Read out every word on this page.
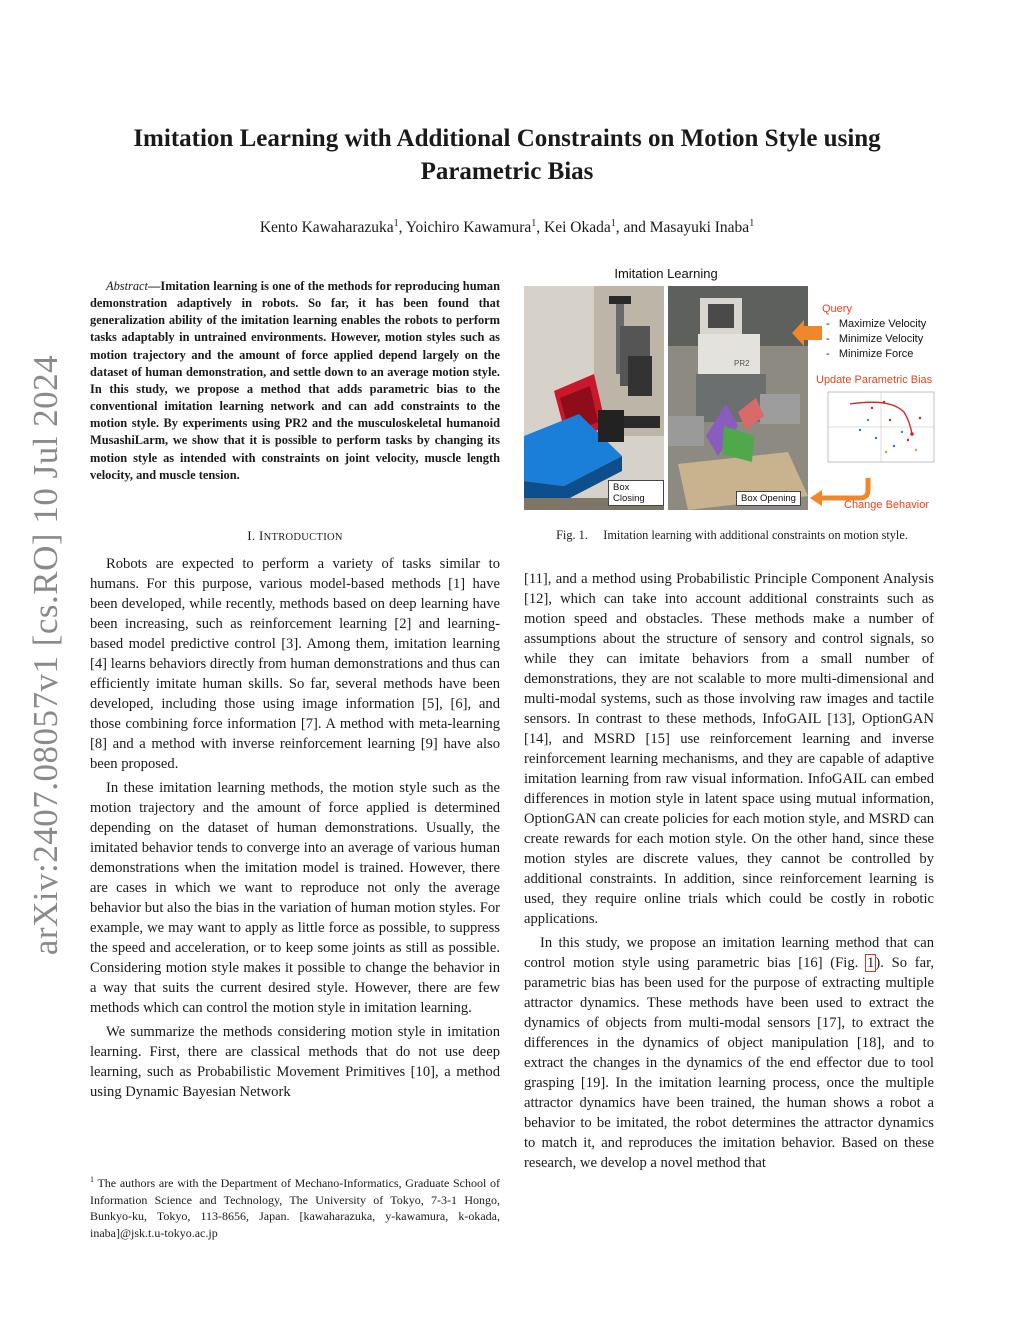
arXiv:2407.08057v1 [cs.RO] 10 Jul 2024
Imitation Learning with Additional Constraints on Motion Style using Parametric Bias
Kento Kawaharazuka$^1$, Yoichiro Kawamura$^1$, Kei Okada$^1$, and Masayuki Inaba$^1$
Abstract—Imitation learning is one of the methods for reproducing human demonstration adaptively in robots. So far, it has been found that generalization ability of the imitation learning enables the robots to perform tasks adaptably in untrained environments. However, motion styles such as motion trajectory and the amount of force applied depend largely on the dataset of human demonstration, and settle down to an average motion style. In this study, we propose a method that adds parametric bias to the conventional imitation learning network and can add constraints to the motion style. By experiments using PR2 and the musculoskeletal humanoid MusashiLarm, we show that it is possible to perform tasks by changing its motion style as intended with constraints on joint velocity, muscle length velocity, and muscle tension.
I. INTRODUCTION

Robots are expected to perform a variety of tasks similar to humans. For this purpose, various model-based methods [1] have been developed, while recently, methods based on deep learning have been increasing, such as reinforcement learning [2] and learning-based model predictive control [3]. Among them, imitation learning [4] learns behaviors directly from human demonstrations and thus can efficiently imitate human skills. So far, several methods have been developed, including those using image information [5], [6], and those combining force information [7]. A method with meta-learning [8] and a method with inverse reinforcement learning [9] have also been proposed.

In these imitation learning methods, the motion style such as the motion trajectory and the amount of force applied is determined depending on the dataset of human demonstrations. Usually, the imitated behavior tends to converge into an average of various human demonstrations when the imitation model is trained. However, there are cases in which we want to reproduce not only the average behavior but also the bias in the variation of human motion styles. For example, we may want to apply as little force as possible, to suppress the speed and acceleration, or to keep some joints as still as possible. Considering motion style makes it possible to change the behavior in a way that suits the current desired style. However, there are few methods which can control the motion style in imitation learning.

We summarize the methods considering motion style in imitation learning. First, there are classical methods that do not use deep learning, such as Probabilistic Movement Primitives [10], a method using Dynamic Bayesian Network

$^1$ The authors are with the Department of Mechano-Informatics, Graduate School of Information Science and Technology, The University of Tokyo, 7-3-1 Hongo, Bunkyo-ku, Tokyo, 113-8656, Japan. [kawaharazuka, y-kawamura, k-okada, inaba]@jsk.t.u-tokyo.ac.jp
Imitation Learning
Box Closing
PR2
Box Opening
Query
-   Maximize Velocity
-   Minimize Velocity
-   Minimize Force
Update Parametric Bias
Change Behavior
Fig. 1.  Imitation learning with additional constraints on motion style.

[11], and a method using Probabilistic Principle Component Analysis [12], which can take into account additional constraints such as motion speed and obstacles. These methods make a number of assumptions about the structure of sensory and control signals, so while they can imitate behaviors from a small number of demonstrations, they are not scalable to more multi-dimensional and multi-modal systems, such as those involving raw images and tactile sensors. In contrast to these methods, InfoGAIL [13], OptionGAN [14], and MSRD [15] use reinforcement learning and inverse reinforcement learning mechanisms, and they are capable of adaptive imitation learning from raw visual information. InfoGAIL can embed differences in motion style in latent space using mutual information, OptionGAN can create policies for each motion style, and MSRD can create rewards for each motion style. On the other hand, since these motion styles are discrete values, they cannot be controlled by additional constraints. In addition, since reinforcement learning is used, they require online trials which could be costly in robotic applications.

In this study, we propose an imitation learning method that can control motion style using parametric bias [16] (Fig. 1). So far, parametric bias has been used for the purpose of extracting multiple attractor dynamics. These methods have been used to extract the dynamics of objects from multi-modal sensors [17], to extract the differences in the dynamics of object manipulation [18], and to extract the changes in the dynamics of the end effector due to tool grasping [19]. In the imitation learning process, once the multiple attractor dynamics have been trained, the human shows a robot a behavior to be imitated, the robot determines the attractor dynamics to match it, and reproduces the imitation behavior. Based on these research, we develop a novel method that
